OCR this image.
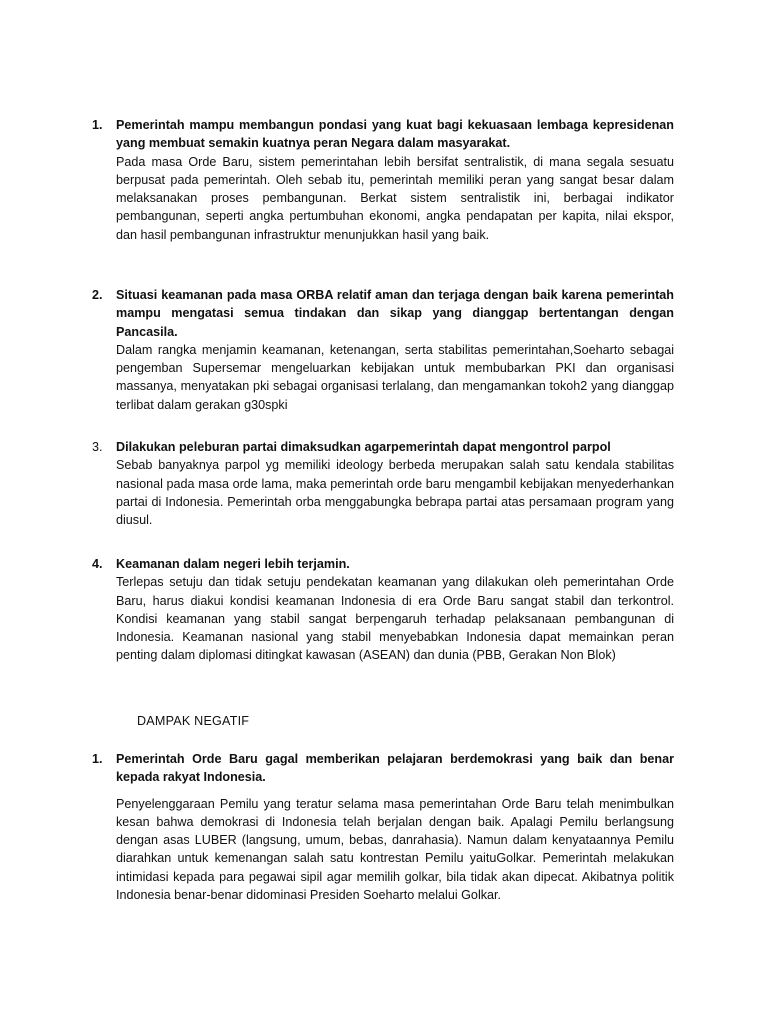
1.	Pemerintah mampu membangun pondasi yang kuat bagi kekuasaan lembaga kepresidenan yang membuat semakin kuatnya peran Negara dalam masyarakat.
Pada masa Orde Baru, sistem pemerintahan lebih bersifat sentralistik, di mana segala sesuatu berpusat pada pemerintah. Oleh sebab itu, pemerintah memiliki peran yang sangat besar dalam melaksanakan proses pembangunan. Berkat sistem sentralistik ini, berbagai indikator pembangunan, seperti angka pertumbuhan ekonomi, angka pendapatan per kapita, nilai ekspor, dan hasil pembangunan infrastruktur menunjukkan hasil yang baik.
2.	Situasi keamanan pada masa ORBA relatif aman dan terjaga dengan baik karena pemerintah mampu mengatasi semua tindakan dan sikap yang dianggap bertentangan dengan Pancasila.
Dalam rangka menjamin keamanan, ketenangan, serta stabilitas pemerintahan,Soeharto sebagai pengemban Supersemar mengeluarkan kebijakan untuk membubarkan PKI dan organisasi massanya, menyatakan pki sebagai organisasi terlalang, dan mengamankan tokoh2 yang dianggap terlibat dalam gerakan g30spki
3.	Dilakukan peleburan partai dimaksudkan agarpemerintah dapat mengontrol parpol
Sebab banyaknya parpol yg memiliki ideology berbeda merupakan salah satu kendala stabilitas nasional pada masa orde lama, maka pemerintah orde baru mengambil kebijakan menyederhankan partai di Indonesia. Pemerintah orba menggabungka bebrapa partai atas persamaan program yang diusul.
4.	Keamanan dalam negeri lebih terjamin.
Terlepas setuju dan tidak setuju pendekatan keamanan yang dilakukan oleh pemerintahan Orde Baru, harus diakui kondisi keamanan Indonesia di era Orde Baru sangat stabil dan terkontrol. Kondisi keamanan yang stabil sangat berpengaruh terhadap pelaksanaan pembangunan di Indonesia. Keamanan nasional yang stabil menyebabkan Indonesia dapat memainkan peran penting dalam diplomasi ditingkat kawasan (ASEAN) dan dunia (PBB, Gerakan Non Blok)
DAMPAK NEGATIF
1.	Pemerintah Orde Baru gagal memberikan pelajaran berdemokrasi yang baik dan benar kepada rakyat Indonesia.
Penyelenggaraan Pemilu yang teratur selama masa pemerintahan Orde Baru telah menimbulkan kesan bahwa demokrasi di Indonesia telah berjalan dengan baik. Apalagi Pemilu berlangsung dengan asas LUBER (langsung, umum, bebas, danrahasia). Namun dalam kenyataannya Pemilu diarahkan untuk kemenangan salah satu kontrestan Pemilu yaituGolkar. Pemerintah melakukan intimidasi kepada para pegawai sipil agar memilih golkar, bila tidak akan dipecat. Akibatnya politik Indonesia benar-benar didominasi Presiden Soeharto melalui Golkar.
